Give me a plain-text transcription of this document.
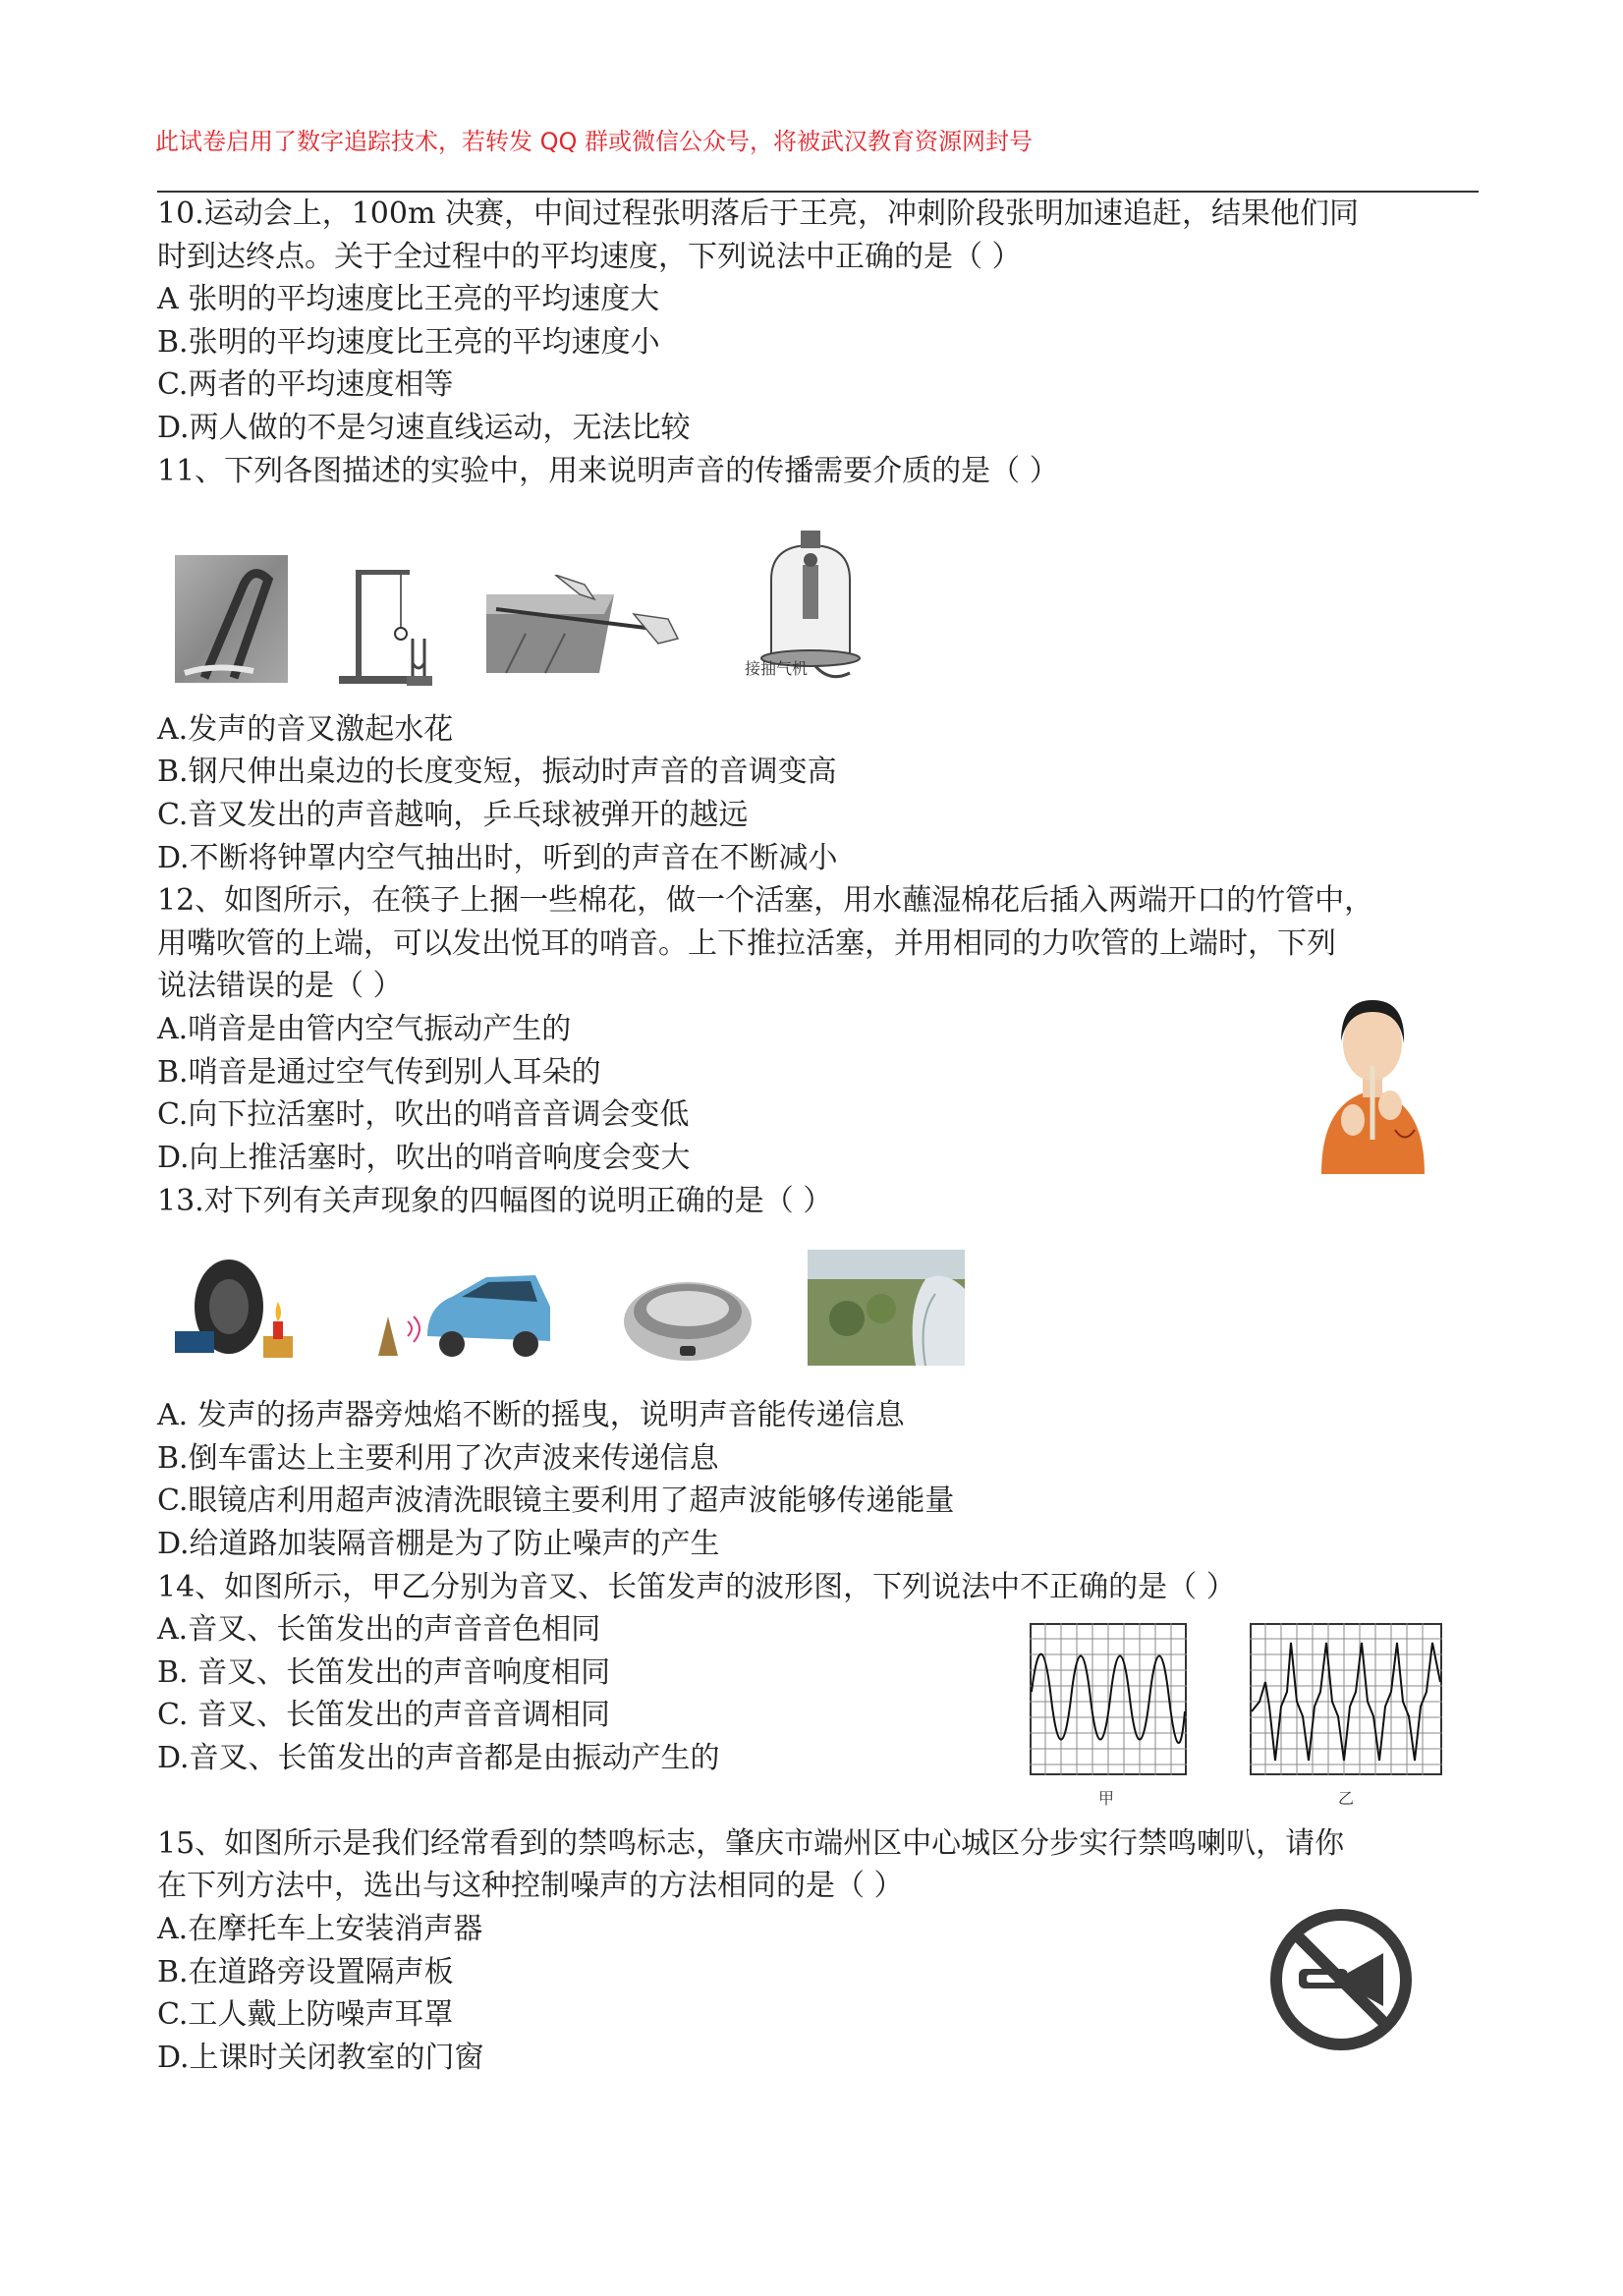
此试卷启用了数字追踪技术，若转发 QQ 群或微信公众号，将被武汉教育资源网封号
10.运动会上，100m 决赛，中间过程张明落后于王亮，冲刺阶段张明加速追赶，结果他们同
时到达终点。关于全过程中的平均速度，下列说法中正确的是（ ）
A 张明的平均速度比王亮的平均速度大
B.张明的平均速度比王亮的平均速度小
C.两者的平均速度相等
D.两人做的不是匀速直线运动，无法比较
11、下列各图描述的实验中，用来说明声音的传播需要介质的是（ ）
接抽气机
A.发声的音叉激起水花
B.钢尺伸出桌边的长度变短，振动时声音的音调变高
C.音叉发出的声音越响，乒乓球被弹开的越远
D.不断将钟罩内空气抽出时，听到的声音在不断减小
12、如图所示，在筷子上捆一些棉花，做一个活塞，用水蘸湿棉花后插入两端开口的竹管中，
用嘴吹管的上端，可以发出悦耳的哨音。上下推拉活塞，并用相同的力吹管的上端时，下列
说法错误的是（ ）
A.哨音是由管内空气振动产生的
B.哨音是通过空气传到别人耳朵的
C.向下拉活塞时，吹出的哨音音调会变低
D.向上推活塞时，吹出的哨音响度会变大
13.对下列有关声现象的四幅图的说明正确的是（ ）
A. 发声的扬声器旁烛焰不断的摇曳，说明声音能传递信息
B.倒车雷达上主要利用了次声波来传递信息
C.眼镜店利用超声波清洗眼镜主要利用了超声波能够传递能量
D.给道路加装隔音棚是为了防止噪声的产生
14、如图所示，甲乙分别为音叉、长笛发声的波形图，下列说法中不正确的是（ ）
A.音叉、长笛发出的声音音色相同
B. 音叉、长笛发出的声音响度相同
C. 音叉、长笛发出的声音音调相同
D.音叉、长笛发出的声音都是由振动产生的
甲	乙
15、如图所示是我们经常看到的禁鸣标志，肇庆市端州区中心城区分步实行禁鸣喇叭，请你
在下列方法中，选出与这种控制噪声的方法相同的是（ ）
A.在摩托车上安装消声器
B.在道路旁设置隔声板
C.工人戴上防噪声耳罩
D.上课时关闭教室的门窗
